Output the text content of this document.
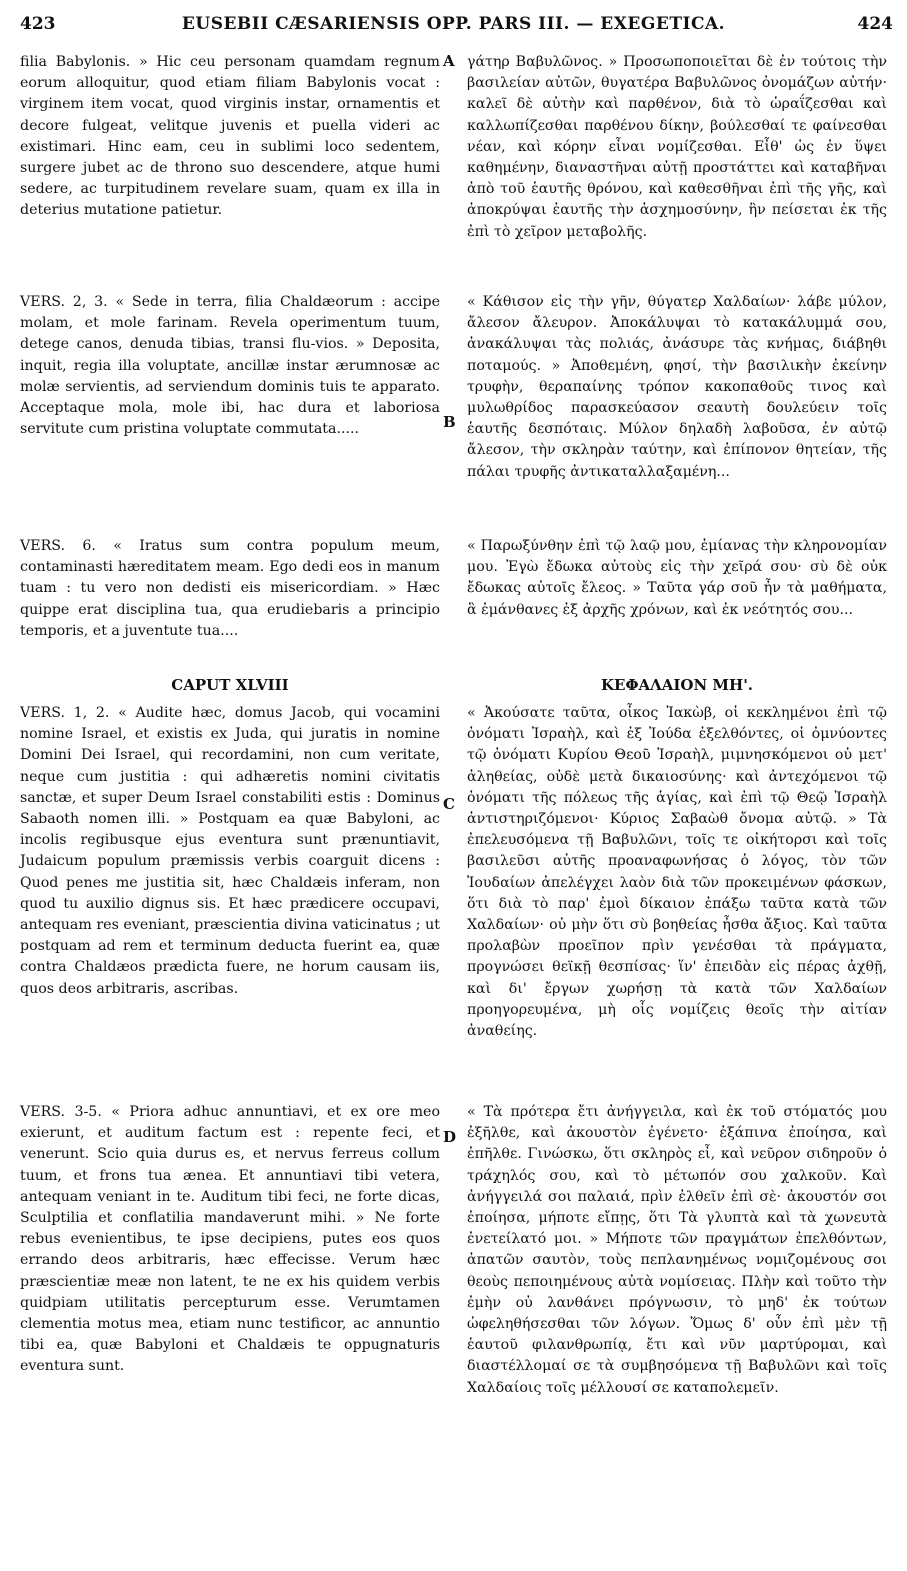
423	EUSEBII CÆSARIENSIS OPP. PARS III. — EXEGETICA.	424
A
B
C
D

filia Babylonis. » Hic ceu personam quamdam regnum eorum alloquitur, quod etiam filiam Babylonis vocat : virginem item vocat, quod virginis instar, ornamentis et decore fulgeat, velitque juvenis et puella videri ac existimari. Hinc eam, ceu in sublimi loco sedentem, surgere jubet ac de throno suo descendere, atque humi sedere, ac turpitudinem revelare suam, quam ex illa in deterius mutatione patietur.

VERS. 2, 3. « Sede in terra, filia Chaldæorum : accipe molam, et mole farinam. Revela operimentum tuum, detege canos, denuda tibias, transi flu-vios. » Deposita, inquit, regia illa voluptate, ancillæ instar ærumnosæ ac molæ servientis, ad serviendum dominis tuis te apparato. Acceptaque mola, mole ibi, hac dura et laboriosa servitute cum pristina voluptate commutata.....

VERS. 6. « Iratus sum contra populum meum, contaminasti hæreditatem meam. Ego dedi eos in manum tuam : tu vero non dedisti eis misericordiam. » Hæc quippe erat disciplina tua, qua erudiebaris a principio temporis, et a juventute tua....

CAPUT XLVIII

VERS. 1, 2. « Audite hæc, domus Jacob, qui vocamini nomine Israel, et existis ex Juda, qui juratis in nomine Domini Dei Israel, qui recordamini, non cum veritate, neque cum justitia : qui adhæretis nomini civitatis sanctæ, et super Deum Israel constabiliti estis : Dominus Sabaoth nomen illi. » Postquam ea quæ Babyloni, ac incolis regibusque ejus eventura sunt prænuntiavit, Judaicum populum præmissis verbis coarguit dicens : Quod penes me justitia sit, hæc Chaldæis inferam, non quod tu auxilio dignus sis. Et hæc prædicere occupavi, antequam res eveniant, præscientia divina vaticinatus ; ut postquam ad rem et terminum deducta fuerint ea, quæ contra Chaldæos prædicta fuere, ne horum causam iis, quos deos arbitraris, ascribas.

VERS. 3-5. « Priora adhuc annuntiavi, et ex ore meo exierunt, et auditum factum est : repente feci, et venerunt. Scio quia durus es, et nervus ferreus collum tuum, et frons tua ænea. Et annuntiavi tibi vetera, antequam veniant in te. Auditum tibi feci, ne forte dicas, Sculptilia et conflatilia mandaverunt mihi. » Ne forte rebus evenientibus, te ipse decipiens, putes eos quos errando deos arbitraris, hæc effecisse. Verum hæc præscientiæ meæ non latent, te ne ex his quidem verbis quidpiam utilitatis percepturum esse. Verumtamen clementia motus mea, etiam nunc testificor, ac annuntio tibi ea, quæ Babyloni et Chaldæis te oppugnaturis eventura sunt.

γάτηρ Βαβυλῶνος. » Προσωποποιεῖται δὲ ἐν τούτοις τὴν βασιλείαν αὐτῶν, θυγατέρα Βαβυλῶνος ὀνομάζων αὐτήν· καλεῖ δὲ αὐτὴν καὶ παρθένον, διὰ τὸ ὡραΐζεσθαι καὶ καλλωπίζεσθαι παρθένου δίκην, βούλεσθαί τε φαίνεσθαι νέαν, καὶ κόρην εἶναι νομίζεσθαι. Εἶθ' ὡς ἐν ὕψει καθημένην, διαναστῆναι αὐτῇ προστάττει καὶ καταβῆναι ἀπὸ τοῦ ἑαυτῆς θρόνου, καὶ καθεσθῆναι ἐπὶ τῆς γῆς, καὶ ἀποκρύψαι ἑαυτῆς τὴν ἀσχημοσύνην, ἣν πείσεται ἐκ τῆς ἐπὶ τὸ χεῖρον μεταβολῆς.

« Κάθισον εἰς τὴν γῆν, θύγατερ Χαλδαίων· λάβε μύλον, ἄλεσον ἄλευρον. Ἀποκάλυψαι τὸ κατακάλυμμά σου, ἀνακάλυψαι τὰς πολιάς, ἀνάσυρε τὰς κνήμας, διάβηθι ποταμούς. » Ἀποθεμένη, φησί, τὴν βασιλικὴν ἐκείνην τρυφὴν, θεραπαίνης τρόπον κακοπαθοῦς τινος καὶ μυλωθρίδος παρασκεύασον σεαυτὴ δουλεύειν τοῖς ἑαυτῆς δεσπόταις. Μύλον δηλαδὴ λαβοῦσα, ἐν αὐτῷ ἄλεσον, τὴν σκληρὰν ταύτην, καὶ ἐπίπονον θητείαν, τῆς πάλαι τρυφῆς ἀντικαταλλαξαμένη...

« Παρωξύνθην ἐπὶ τῷ λαῷ μου, ἐμίανας τὴν κληρονομίαν μου. Ἐγὼ ἔδωκα αὐτοὺς εἰς τὴν χεῖρά σου· σὺ δὲ οὐκ ἔδωκας αὐτοῖς ἔλεος. » Ταῦτα γάρ σοῦ ἦν τὰ μαθήματα, ἃ ἐμάνθανες ἐξ ἀρχῆς χρόνων, καὶ ἐκ νεότητός σου...

ΚΕΦΑΛΑΙΟΝ ΜΗ'.

« Ἀκούσατε ταῦτα, οἶκος Ἰακὼβ, οἱ κεκλημένοι ἐπὶ τῷ ὀνόματι Ἰσραὴλ, καὶ ἐξ Ἰούδα ἐξελθόντες, οἱ ὀμνύοντες τῷ ὀνόματι Κυρίου Θεοῦ Ἰσραὴλ, μιμνησκόμενοι οὐ μετ' ἀληθείας, οὐδὲ μετὰ δικαιοσύνης· καὶ ἀντεχόμενοι τῷ ὀνόματι τῆς πόλεως τῆς ἁγίας, καὶ ἐπὶ τῷ Θεῷ Ἰσραὴλ ἀντιστηριζόμενοι· Κύριος Σαβαὼθ ὄνομα αὐτῷ. » Τὰ ἐπελευσόμενα τῇ Βαβυλῶνι, τοῖς τε οἰκήτορσι καὶ τοῖς βασιλεῦσι αὐτῆς προαναφωνήσας ὁ λόγος, τὸν τῶν Ἰουδαίων ἀπελέγχει λαὸν διὰ τῶν προκειμένων φάσκων, ὅτι διὰ τὸ παρ' ἐμοὶ δίκαιον ἐπάξω ταῦτα κατὰ τῶν Χαλδαίων· οὐ μὴν ὅτι σὺ βοηθείας ἦσθα ἄξιος. Καὶ ταῦτα προλαβὼν προεῖπον πρὶν γενέσθαι τὰ πράγματα, προγνώσει θεϊκῇ θεσπίσας· ἵν' ἐπειδὰν εἰς πέρας ἀχθῇ, καὶ δι' ἔργων χωρήσῃ τὰ κατὰ τῶν Χαλδαίων προηγορευμένα, μὴ οἷς νομίζεις θεοῖς τὴν αἰτίαν ἀναθείης.

« Τὰ πρότερα ἔτι ἀνήγγειλα, καὶ ἐκ τοῦ στόματός μου ἐξῆλθε, καὶ ἀκουστὸν ἐγένετο· ἐξάπινα ἐποίησα, καὶ ἐπῆλθε. Γινώσκω, ὅτι σκληρὸς εἶ, καὶ νεῦρον σιδηροῦν ὁ τράχηλός σου, καὶ τὸ μέτωπόν σου χαλκοῦν. Καὶ ἀνήγγειλά σοι παλαιά, πρὶν ἐλθεῖν ἐπὶ σὲ· ἀκουστόν σοι ἐποίησα, μήποτε εἴπῃς, ὅτι Τὰ γλυπτὰ καὶ τὰ χωνευτὰ ἐνετείλατό μοι. » Μήποτε τῶν πραγμάτων ἐπελθόντων, ἀπατῶν σαυτὸν, τοὺς πεπλανημένως νομιζομένους σοι θεοὺς πεποιημένους αὐτὰ νομίσειας. Πλὴν καὶ τοῦτο τὴν ἐμὴν οὐ λανθάνει πρόγνωσιν, τὸ μηδ' ἐκ τούτων ὠφεληθήσεσθαι τῶν λόγων. Ὅμως δ' οὖν ἐπὶ μὲν τῇ ἑαυτοῦ φιλανθρωπίᾳ, ἔτι καὶ νῦν μαρτύρομαι, καὶ διαστέλλομαί σε τὰ συμβησόμενα τῇ Βαβυλῶνι καὶ τοῖς Χαλδαίοις τοῖς μέλλουσί σε καταπολεμεῖν.
